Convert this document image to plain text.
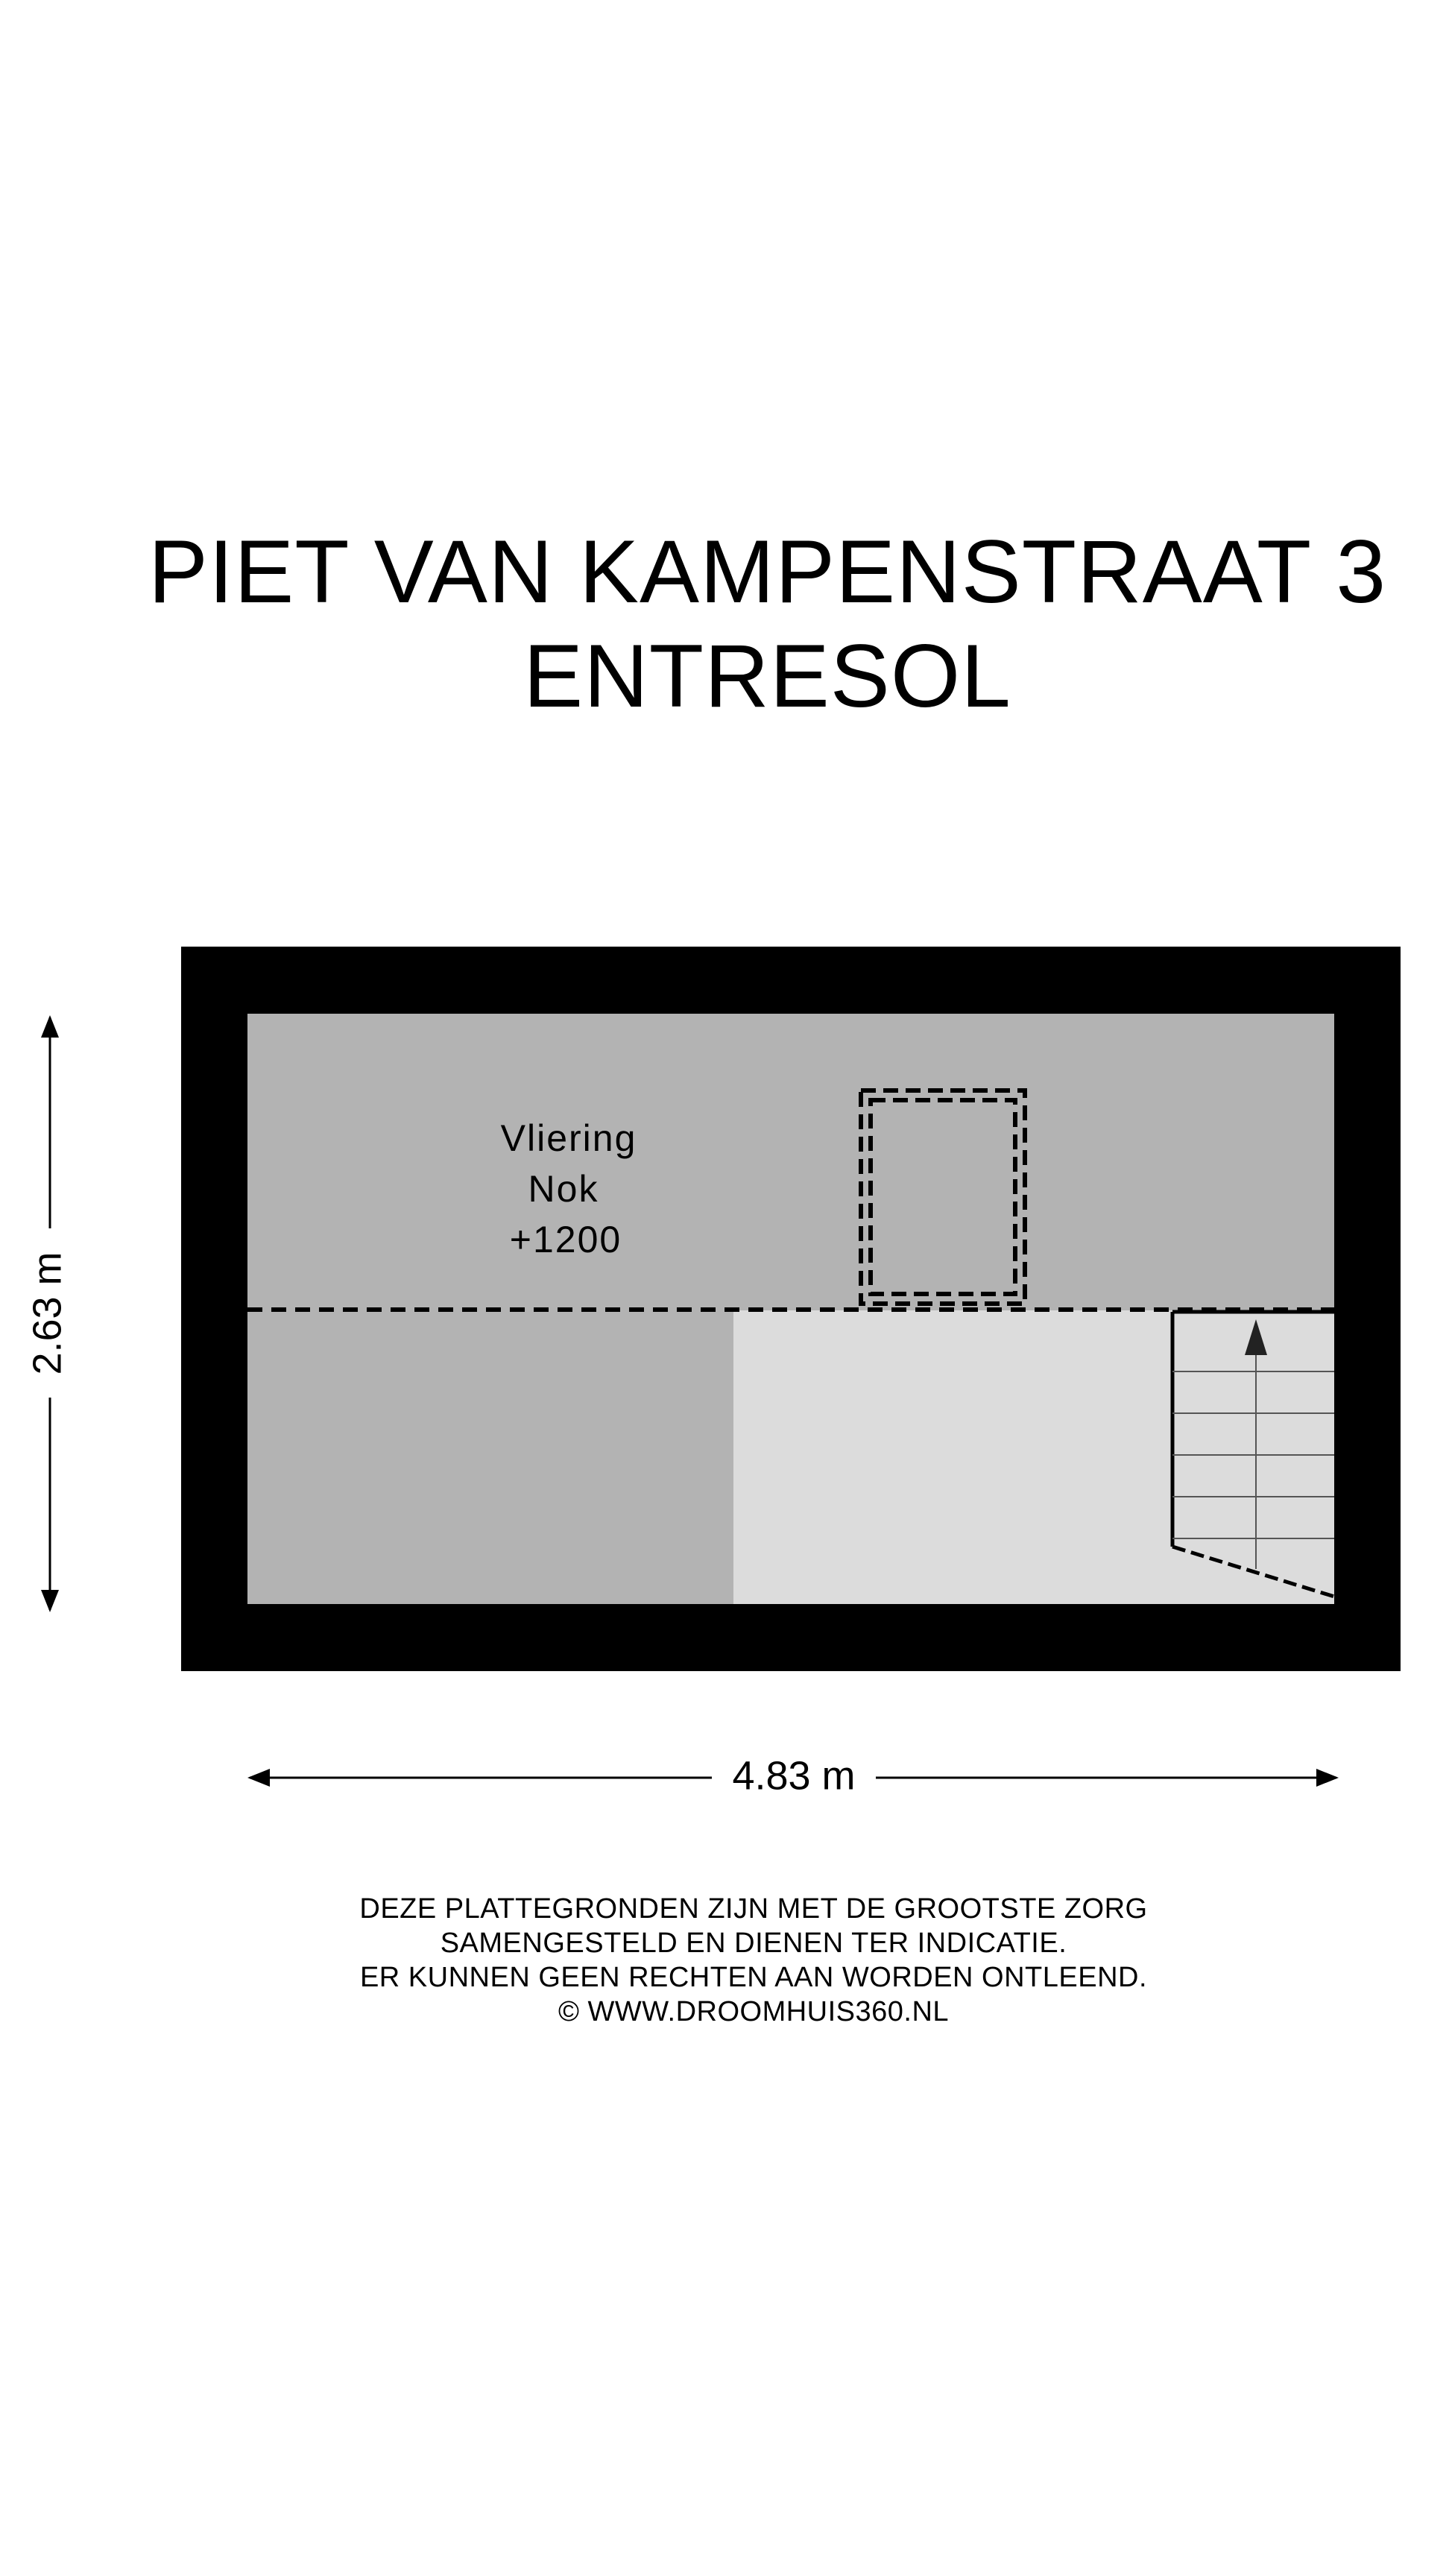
PIET VAN KAMPENSTRAAT 3
ENTRESOL
Vliering
Nok
+1200
2.63 m
4.83 m
DEZE PLATTEGRONDEN ZIJN MET DE GROOTSTE ZORG
SAMENGESTELD EN DIENEN TER INDICATIE.
ER KUNNEN GEEN RECHTEN AAN WORDEN ONTLEEND.
© WWW.DROOMHUIS360.NL
